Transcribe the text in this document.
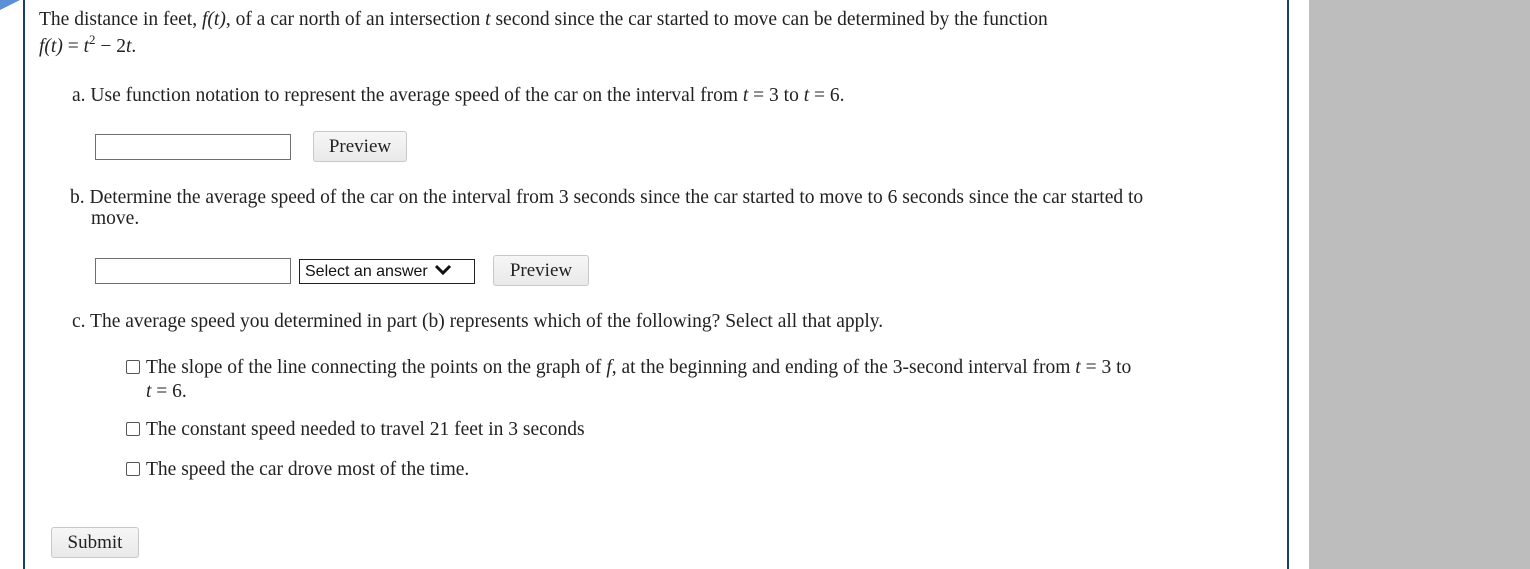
The distance in feet, f(t), of a car north of an intersection t second since the car started to move can be determined by the function
$f(t) = t^2 - 2t$.
a. Use function notation to represent the average speed of the car on the interval from t = 3 to t = 6.
Preview
b. Determine the average speed of the car on the interval from 3 seconds since the car started to move to 6 seconds since the car started to
move.
Select an answer	Preview
c. The average speed you determined in part (b) represents which of the following? Select all that apply.
The slope of the line connecting the points on the graph of f, at the beginning and ending of the 3-second interval from t = 3 to
t = 6.
The constant speed needed to travel 21 feet in 3 seconds
The speed the car drove most of the time.
Submit
